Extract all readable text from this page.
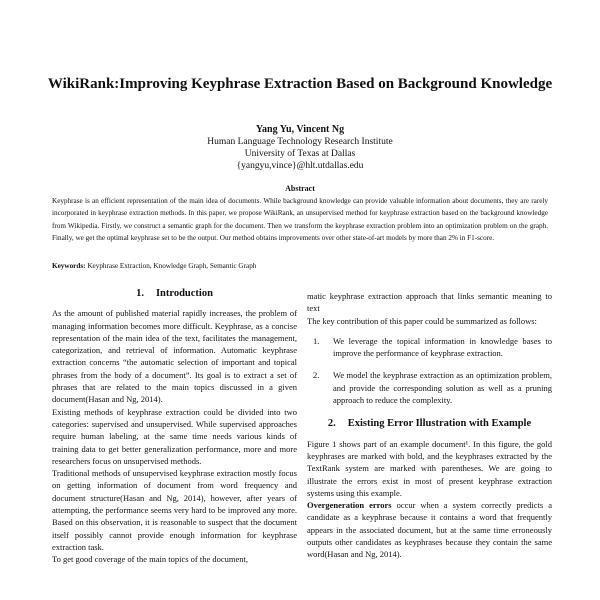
WikiRank:Improving Keyphrase Extraction Based on Background Knowledge
Yang Yu, Vincent Ng
Human Language Technology Research Institute
University of Texas at Dallas
{yangyu,vince}@hlt.utdallas.edu
Abstract

Keyphrase is an efficient representation of the main idea of documents. While background knowledge can provide valuable information about documents, they are rarely incorporated in keyphrase extraction methods. In this paper, we propose WikiRank, an unsupervised method for keyphrase extraction based on the background knowledge from Wikipedia. Firstly, we construct a semantic graph for the document. Then we transform the keyphrase extraction problem into an optimization problem on the graph. Finally, we get the optimal keyphrase set to be the output. Our method obtains improvements over other state-of-art models by more than 2% in F1-score.

Keywords: Keyphrase Extraction, Knowledge Graph, Semantic Graph
1. Introduction

As the amount of published material rapidly increases, the problem of managing information becomes more difficult. Keyphrase, as a concise representation of the main idea of the text, facilitates the management, categorization, and retrieval of information. Automatic keyphrase extraction concerns “the automatic selection of important and topical phrases from the body of a document”. Its goal is to extract a set of phrases that are related to the main topics discussed in a given document(Hasan and Ng, 2014).

Existing methods of keyphrase extraction could be divided into two categories: supervised and unsupervised. While supervised approaches require human labeling, at the same time needs various kinds of training data to get better generalization performance, more and more researchers focus on unsupervised methods.

Traditional methods of unsupervised keyphrase extraction mostly focus on getting information of document from word frequency and document structure(Hasan and Ng, 2014), however, after years of attempting, the performance seems very hard to be improved any more. Based on this observation, it is reasonable to suspect that the document itself possibly cannot provide enough information for keyphrase extraction task.

To get good coverage of the main topics of the document,

matic keyphrase extraction approach that links semantic meaning to text

The key contribution of this paper could be summarized as follows:

1.	We leverage the topical information in knowledge bases to improve the performance of keyphrase extraction.
2.	We model the keyphrase extraction as an optimization problem, and provide the corresponding solution as well as a pruning approach to reduce the complexity.
2. Existing Error Illustration with Example

Figure 1 shows part of an example document¹. In this figure, the gold keyphrases are marked with bold, and the keyphrases extracted by the TextRank system are marked with parentheses. We are going to illustrate the errors exist in most of present keyphrase extraction systems using this example.

Overgeneration errors occur when a system correctly predicts a candidate as a keyphrase because it contains a word that frequently appears in the associated document, but at the same time erroneously outputs other candidates as keyphrases because they contain the same word(Hasan and Ng, 2014).
